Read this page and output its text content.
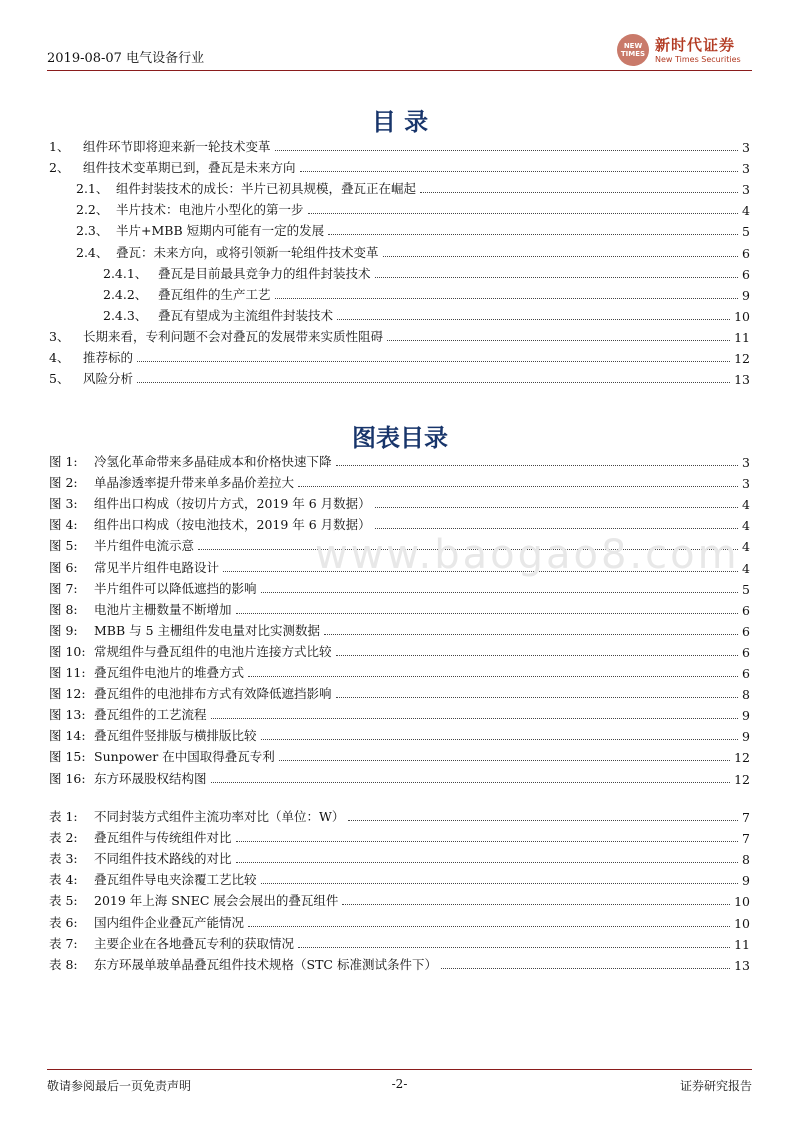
2019-08-07 电气设备行业
NEW TIMES 新时代证券
New Times Securities
目 录
1、	组件环节即将迎来新一轮技术变革	3
2、	组件技术变革期已到，叠瓦是未来方向	3
2.1、 组件封装技术的成长：半片已初具规模，叠瓦正在崛起	3
2.2、 半片技术：电池片小型化的第一步	4
2.3、 半片+MBB 短期内可能有一定的发展	5
2.4、 叠瓦：未来方向，或将引领新一轮组件技术变革	6
2.4.1、 叠瓦是目前最具竞争力的组件封装技术	6
2.4.2、 叠瓦组件的生产工艺	9
2.4.3、 叠瓦有望成为主流组件封装技术	10
3、	长期来看，专利问题不会对叠瓦的发展带来实质性阻碍	11
4、	推荐标的	12
5、	风险分析	13
图表目录
图 1:	冷氢化革命带来多晶硅成本和价格快速下降	3
图 2:	单晶渗透率提升带来单多晶价差拉大	3
图 3:	组件出口构成（按切片方式，2019 年 6 月数据）	4
图 4:	组件出口构成（按电池技术，2019 年 6 月数据）	4
图 5:	半片组件电流示意	4
图 6:	常见半片组件电路设计	4
图 7:	半片组件可以降低遮挡的影响	5
图 8:	电池片主栅数量不断增加	6
图 9:	MBB 与 5 主栅组件发电量对比实测数据	6
图 10: 常规组件与叠瓦组件的电池片连接方式比较	6
图 11: 叠瓦组件电池片的堆叠方式	6
图 12: 叠瓦组件的电池排布方式有效降低遮挡影响	8
图 13: 叠瓦组件的工艺流程	9
图 14: 叠瓦组件竖排版与横排版比较	9
图 15: Sunpower 在中国取得叠瓦专利	12
图 16: 东方环晟股权结构图	12
表 1:	不同封装方式组件主流功率对比（单位：W）	7
表 2:	叠瓦组件与传统组件对比	7
表 3:	不同组件技术路线的对比	8
表 4:	叠瓦组件导电夹涂覆工艺比较	9
表 5:	2019 年上海 SNEC 展会会展出的叠瓦组件	10
表 6:	国内组件企业叠瓦产能情况	10
表 7:	主要企业在各地叠瓦专利的获取情况	11
表 8:	东方环晟单玻单晶叠瓦组件技术规格（STC 标准测试条件下）	13
www.baogao8.com
敬请参阅最后一页免责声明	-2-	证券研究报告
